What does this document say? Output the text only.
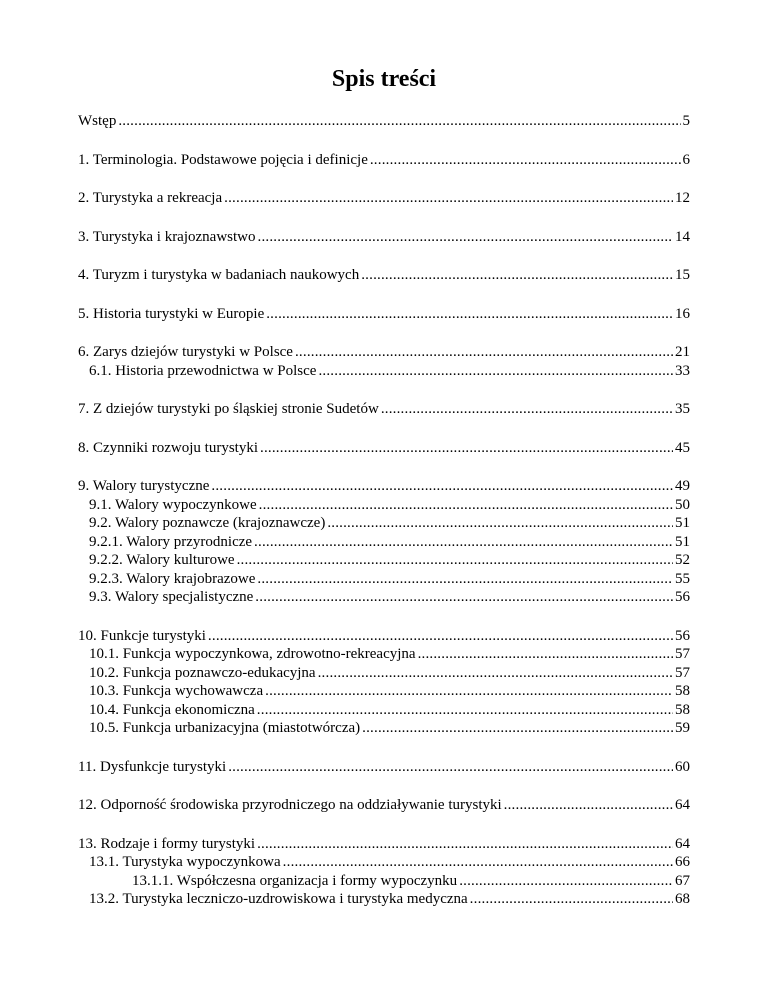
Spis treści
Wstęp .....	5
1. Terminologia. Podstawowe pojęcia i definicje .....	6
2. Turystyka a rekreacja .....	12
3. Turystyka i krajoznawstwo .....	14
4. Turyzm i turystyka w badaniach naukowych .....	15
5. Historia turystyki w Europie .....	16
6. Zarys dziejów turystyki w Polsce .....	21
6.1. Historia przewodnictwa w Polsce .....	33
7. Z dziejów turystyki po śląskiej stronie Sudetów .....	35
8. Czynniki rozwoju turystyki .....	45
9. Walory turystyczne .....	49
9.1. Walory wypoczynkowe .....	50
9.2. Walory poznawcze (krajoznawcze) .....	51
9.2.1. Walory przyrodnicze .....	51
9.2.2. Walory kulturowe .....	52
9.2.3. Walory krajobrazowe .....	55
9.3. Walory specjalistyczne .....	56
10. Funkcje turystyki .....	56
10.1. Funkcja wypoczynkowa, zdrowotno-rekreacyjna .....	57
10.2. Funkcja poznawczo-edukacyjna .....	57
10.3. Funkcja wychowawcza .....	58
10.4. Funkcja ekonomiczna .....	58
10.5. Funkcja urbanizacyjna (miastotwórcza) .....	59
11. Dysfunkcje turystyki .....	60
12. Odporność środowiska przyrodniczego na oddziaływanie turystyki .....	64
13. Rodzaje i formy turystyki .....	64
13.1. Turystyka wypoczynkowa .....	66
13.1.1. Współczesna organizacja i formy wypoczynku .....	67
13.2. Turystyka leczniczo-uzdrowiskowa i turystyka medyczna .....	68
